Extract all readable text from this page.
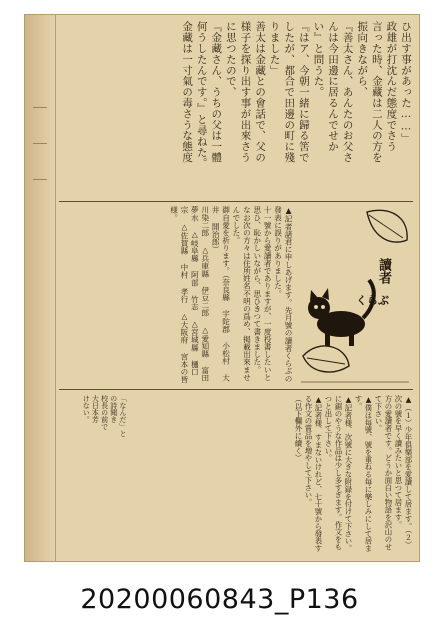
ひ出す事があった……」
政雄が打沈んだ態度でさう
言った時、金藏は二人の方を
振向きながら、
『善太さん、あんたのお父さ
んは今田邊に居るんでせか
い』と問うた。
『はア、今朝一緒に歸る筈で
したが、都合で田邊の町に殘
りました」
善太は金藏との會話で、父の
様子を探り出す事が出來さう
に思つたので、
『金藏さん、うちの父は一體
何うしたんです。』と尋ねた。
金藏は一寸氣の毒さうな態度
▲記者諸君に申しあげます。先月號の讀者くらぶの發表に誤りがありました。
十一號から愛讀者でありますが、一度投書したいと思ひ、恥かしいながら、思ひきつて書きました。
なお次の方々は住所姓名不明の爲め、掲載出來ませんでした。
御自愛を祈ります。（奈良縣 宇陀郡 小松村 大井 開治郎）
川染二郎 △兵庫縣 伊豆二郎 △愛知縣 富田 夢水 △岐阜縣 阿部 竹志 △宮城縣 樋口 宗 △佐賀縣 中村 孝行 △大阪府 宮本の皆様。
讀者
くらぶ
▲（１）少年俱樂部を愛讀して居ます。（２）次の號を早く讀みたいと思つて居ます。
方の愛讀者です。どうか面白い物語を沢山のせて下さい。
▲僕は每號、號を重ねる毎に樂しみにして居ます。
▲記者様、次號に大きな附録を付けて下さい。
に鋸のやうな作品は少し多すぎます。作文をもつと出して下さい。
▲記者様、すまないけれど、七十號から發表する作文の賞品を増やして下さい。
（以下欄外に續く）
「なんだ」と
の詩聞き
校長の前で
大日本芳
けない。
20200060843_P136
